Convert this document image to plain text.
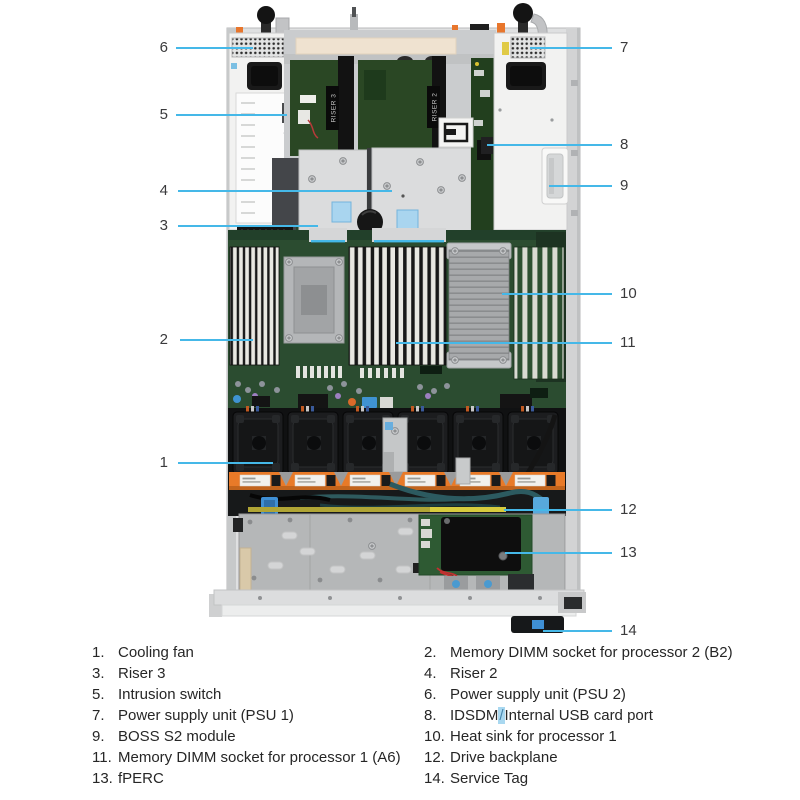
RISER 3	RISER 2
6
5
4
3
2
1
7
8
9
10
11
12
13
14
1. Cooling fan
3. Riser 3
5. Intrusion switch
7. Power supply unit (PSU 1)
9. BOSS S2 module
11. Memory DIMM socket for processor 1 (A6)
13. fPERC
2. Memory DIMM socket for processor 2 (B2)
4. Riser 2
6. Power supply unit (PSU 2)
8. IDSDM/Internal USB card port
10. Heat sink for processor 1
12. Drive backplane
14. Service Tag
